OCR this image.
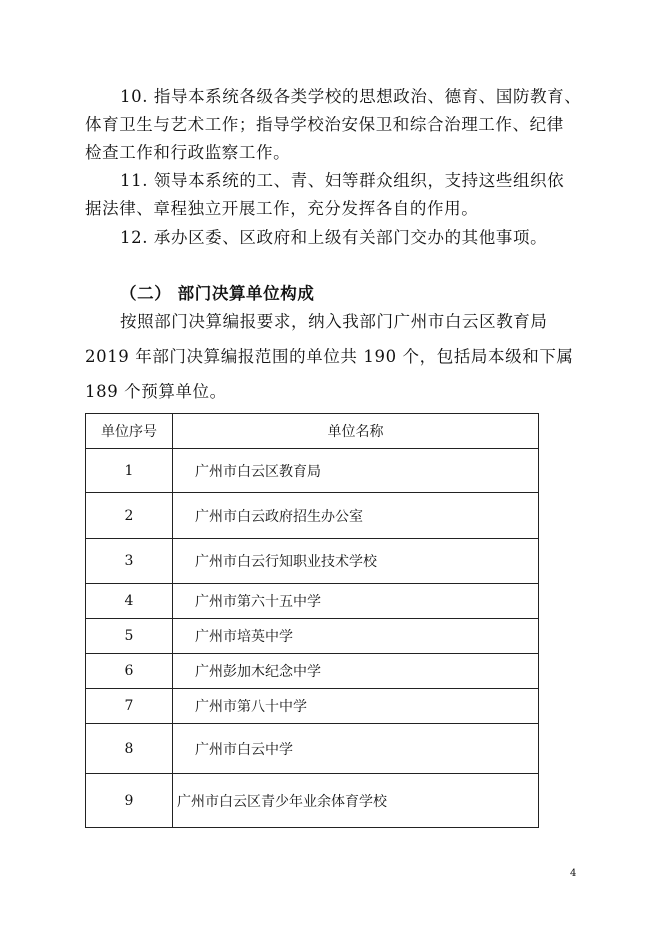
10. 指导本系统各级各类学校的思想政治、德育、国防教育、
体育卫生与艺术工作；指导学校治安保卫和综合治理工作、纪律
检查工作和行政监察工作。
11. 领导本系统的工、青、妇等群众组织，支持这些组织依
据法律、章程独立开展工作，充分发挥各自的作用。
12. 承办区委、区政府和上级有关部门交办的其他事项。
（二） 部门决算单位构成
按照部门决算编报要求，纳入我部门广州市白云区教育局
2019 年部门决算编报范围的单位共 190 个，包括局本级和下属
189 个预算单位。
单位序号	单位名称
1	广州市白云区教育局
2	广州市白云政府招生办公室
3	广州市白云行知职业技术学校
4	广州市第六十五中学
5	广州市培英中学
6	广州彭加木纪念中学
7	广州市第八十中学
8	广州市白云中学
9	广州市白云区青少年业余体育学校
4
